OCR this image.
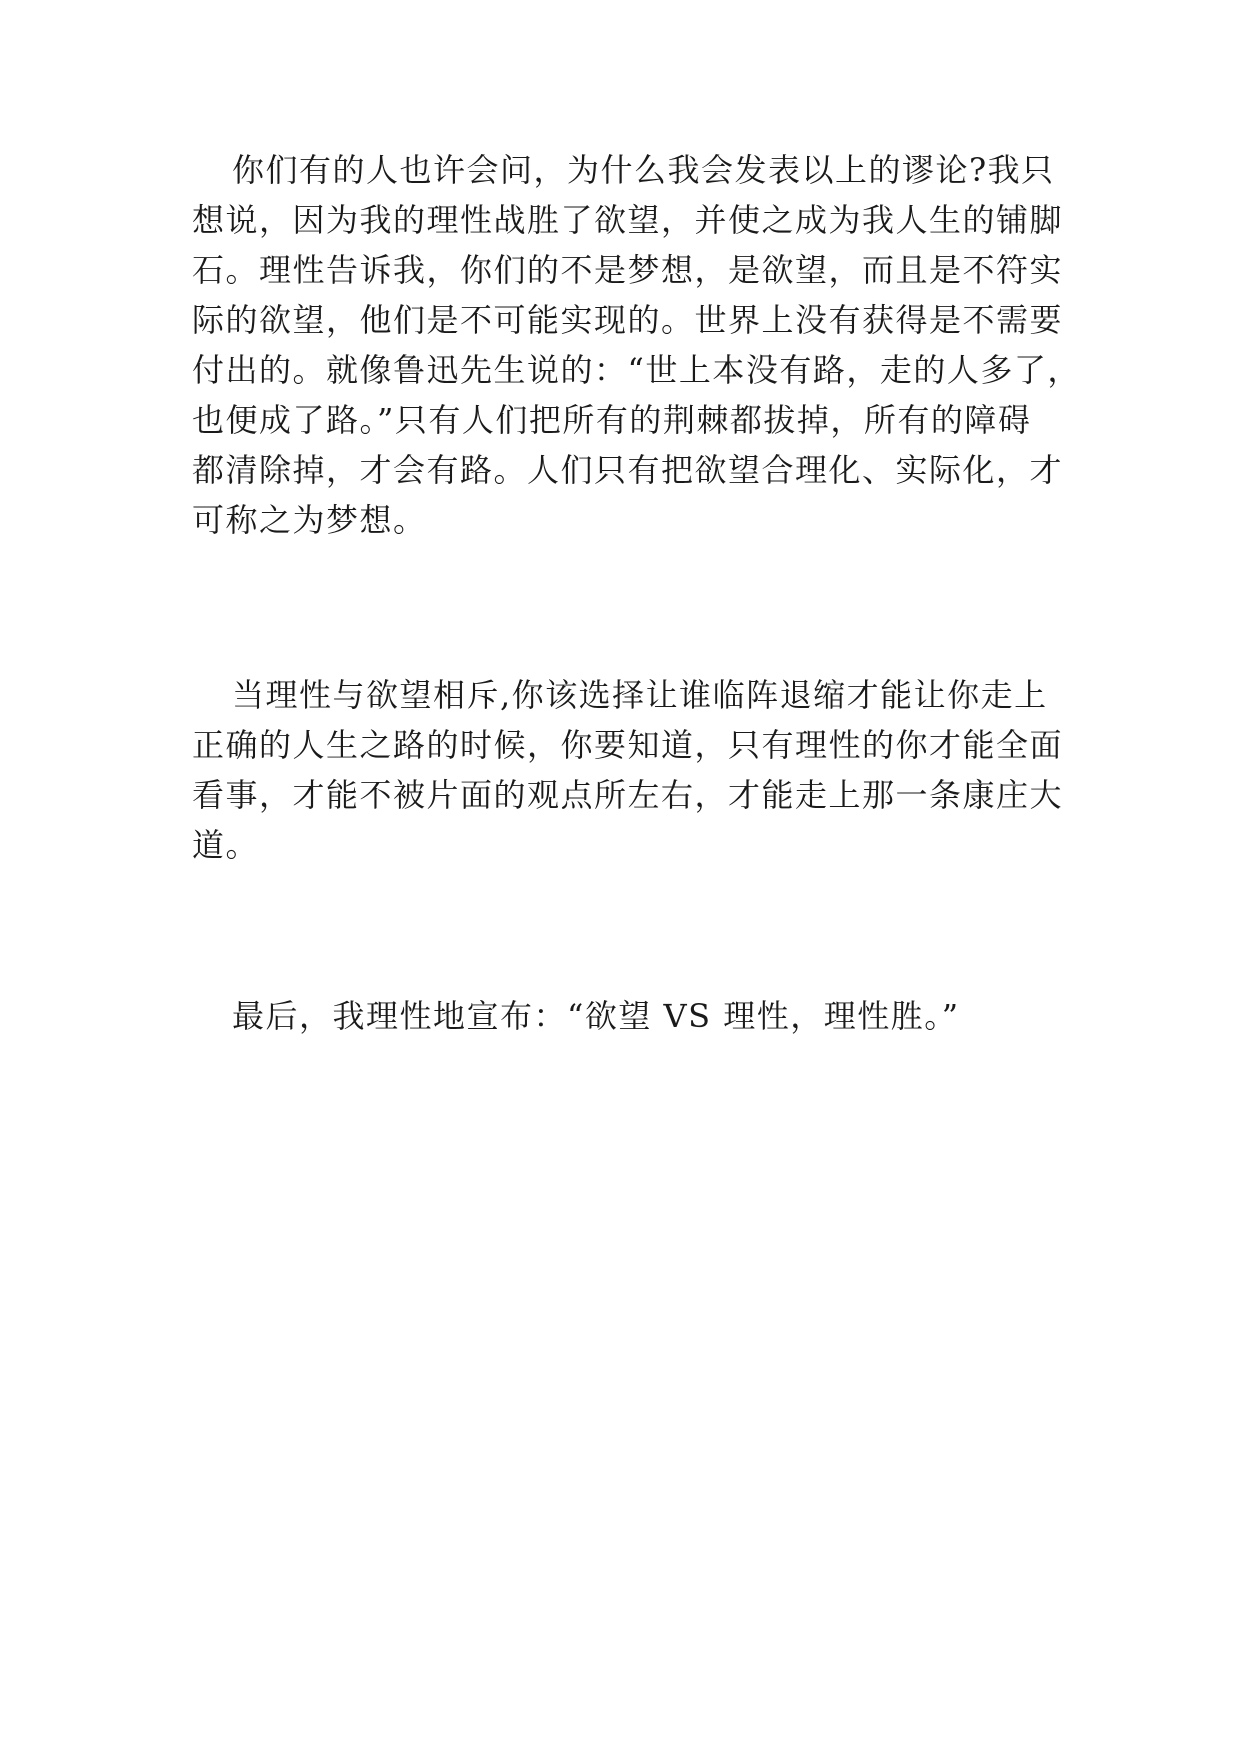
你们有的人也许会问，为什么我会发表以上的谬论?我只
想说，因为我的理性战胜了欲望，并使之成为我人生的铺脚
石。理性告诉我，你们的不是梦想，是欲望，而且是不符实
际的欲望，他们是不可能实现的。世界上没有获得是不需要
付出的。就像鲁迅先生说的：“世上本没有路，走的人多了，
也便成了路。”只有人们把所有的荆棘都拔掉，所有的障碍
都清除掉，才会有路。人们只有把欲望合理化、实际化，才
可称之为梦想。
当理性与欲望相斥,你该选择让谁临阵退缩才能让你走上
正确的人生之路的时候，你要知道，只有理性的你才能全面
看事，才能不被片面的观点所左右，才能走上那一条康庄大
道。
最后，我理性地宣布：“欲望 VS 理性，理性胜。”
